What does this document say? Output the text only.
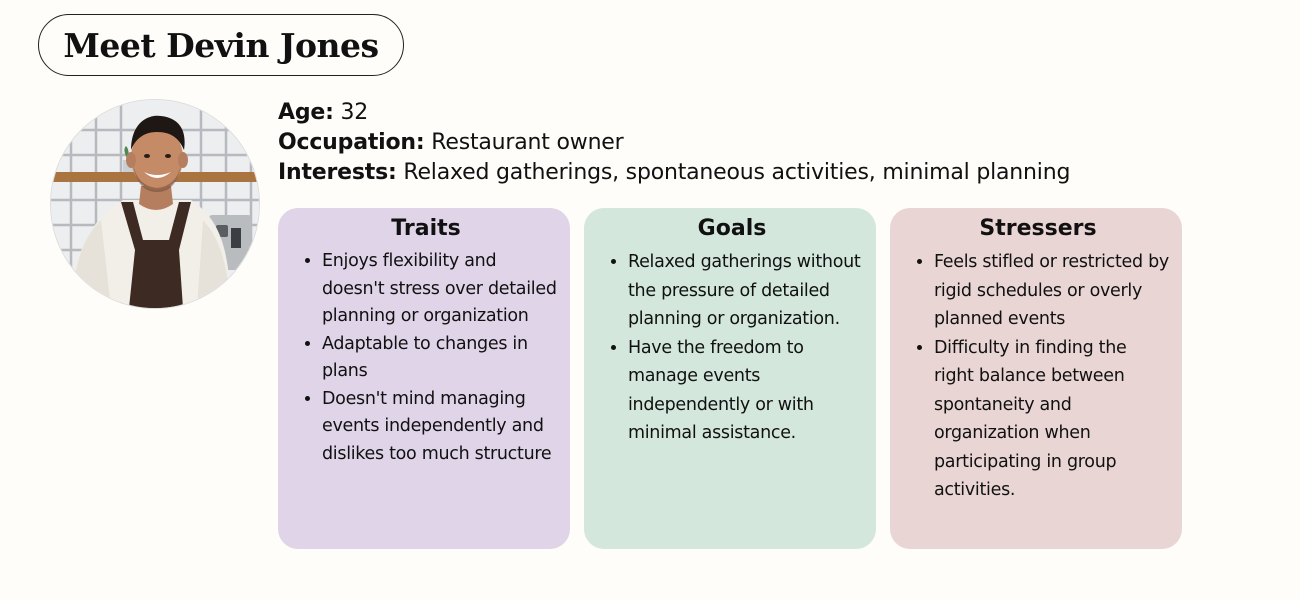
Meet Devin Jones
Age: 32
Occupation: Restaurant owner
Interests: Relaxed gatherings, spontaneous activities, minimal planning
Traits
• Enjoys flexibility and doesn't stress over detailed planning or organization
• Adaptable to changes in plans
• Doesn't mind managing events independently and dislikes too much structure
Goals
• Relaxed gatherings without the pressure of detailed planning or organization.
• Have the freedom to manage events independently or with minimal assistance.
Stressers
• Feels stifled or restricted by rigid schedules or overly planned events
• Difficulty in finding the right balance between spontaneity and organization when participating in group activities.
